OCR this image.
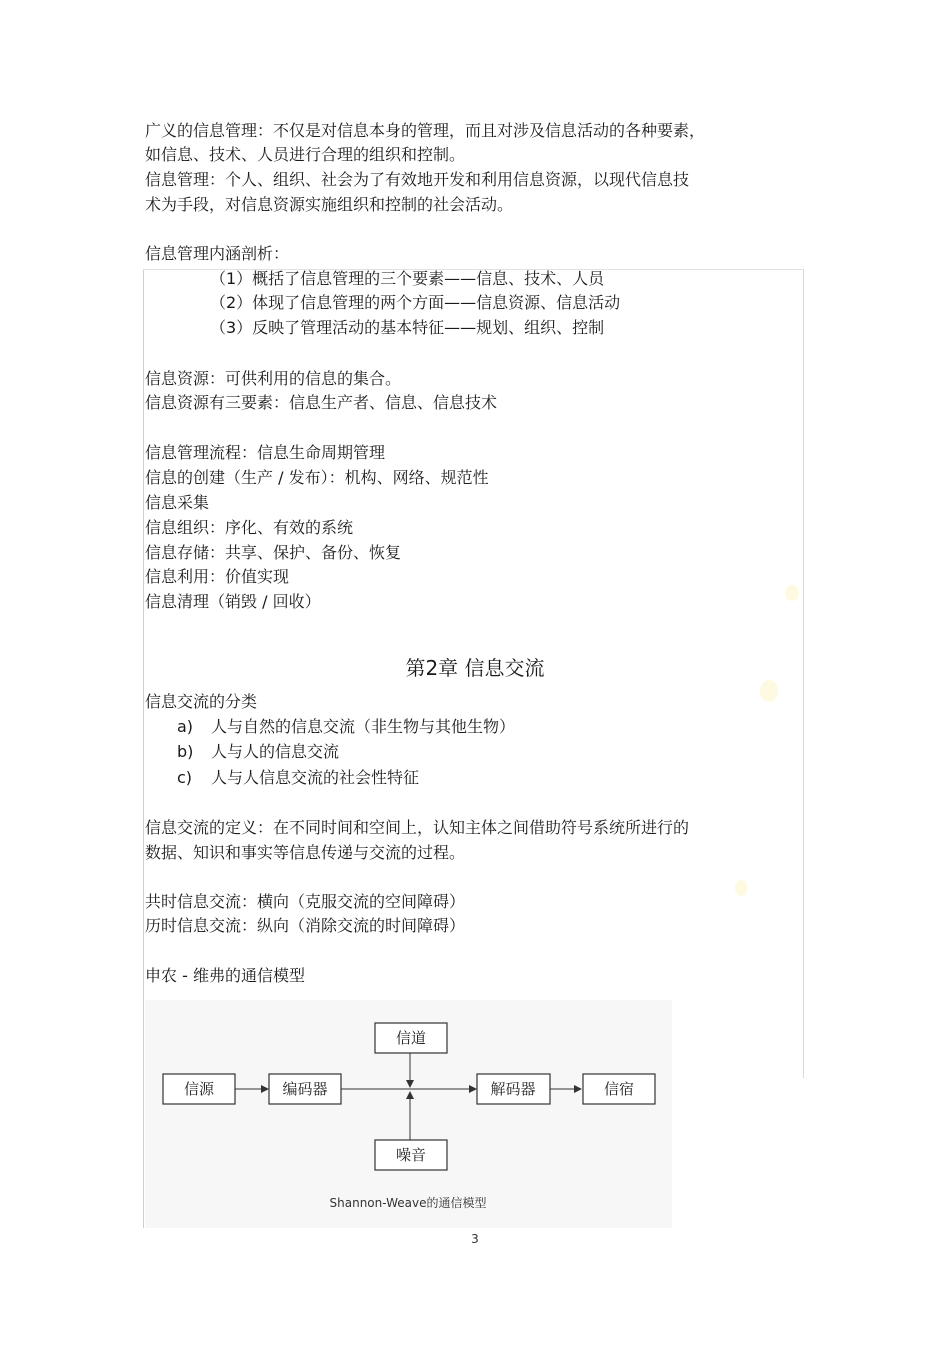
广义的信息管理：不仅是对信息本身的管理，而且对涉及信息活动的各种要素，
如信息、技术、人员进行合理的组织和控制。
信息管理：个人、组织、社会为了有效地开发和利用信息资源，以现代信息技
术为手段，对信息资源实施组织和控制的社会活动。
信息管理内涵剖析：
（1）概括了信息管理的三个要素——信息、技术、人员
（2）体现了信息管理的两个方面——信息资源、信息活动
（3）反映了管理活动的基本特征——规划、组织、控制
信息资源：可供利用的信息的集合。
信息资源有三要素：信息生产者、信息、信息技术
信息管理流程：信息生命周期管理
信息的创建（生产 / 发布）：机构、网络、规范性
信息采集
信息组织：序化、有效的系统
信息存储：共享、保护、备份、恢复
信息利用：价值实现
信息清理（销毁 / 回收）
第2章 信息交流
信息交流的分类
a) 人与自然的信息交流（非生物与其他生物）
b) 人与人的信息交流
c) 人与人信息交流的社会性特征
信息交流的定义：在不同时间和空间上，认知主体之间借助符号系统所进行的
数据、知识和事实等信息传递与交流的过程。
共时信息交流：横向（克服交流的空间障碍）
历时信息交流：纵向（消除交流的时间障碍）
申农 - 维弗的通信模型
信源	编码器
信道
噪音
解码器	信宿
Shannon-Weave的通信模型
3
